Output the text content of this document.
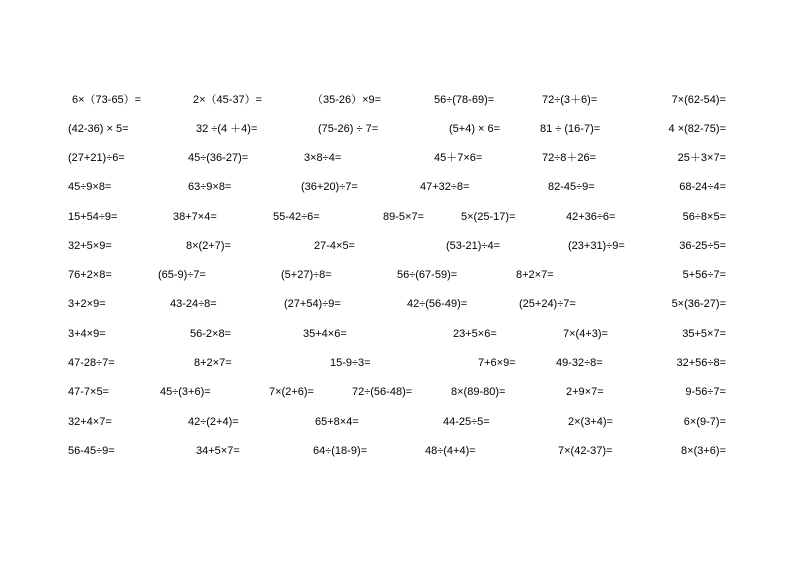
6×（73-65）=	2×（45-37）=	（35-26）×9=	56÷(78-69)=	72÷(3＋6)=	7×(62-54)=
(42-36) × 5=	32 ÷(4 ＋4)=	(75-26) ÷ 7=	(5+4) × 6=	81 ÷ (16-7)=	4 ×(82-75)=
(27+21)÷6=	45÷(36-27)=	3×8÷4=	45＋7×6=	72÷8＋26=	25＋3×7=
45÷9×8=	63÷9×8=	(36+20)÷7=	47+32÷8=	82-45÷9=	68-24÷4=
15+54÷9=	38+7×4=	55-42÷6=	89-5×7=	5×(25-17)=	42+36÷6=	56÷8×5=
32+5×9=	8×(2+7)=	27-4×5=	(53-21)÷4=	(23+31)÷9=	36-25÷5=
76+2×8=	(65-9)÷7=	(5+27)÷8=	56÷(67-59)=	8+2×7=	5+56÷7=
3+2×9=	43-24÷8=	(27+54)÷9=	42÷(56-49)=	(25+24)÷7=	5×(36-27)=
3+4×9=	56-2×8=	35+4×6=	23+5×6=	7×(4+3)=	35+5×7=
47-28÷7=	8+2×7=	15-9÷3=	7+6×9=	49-32÷8=	32+56÷8=
47-7×5=	45÷(3+6)=	7×(2+6)=	72÷(56-48)=	8×(89-80)=	2+9×7=	9-56÷7=
32+4×7=	42÷(2+4)=	65+8×4=	44-25÷5=	2×(3+4)=	6×(9-7)=
56-45÷9=	34+5×7=	64÷(18-9)=	48÷(4+4)=	7×(42-37)=	8×(3+6)=
